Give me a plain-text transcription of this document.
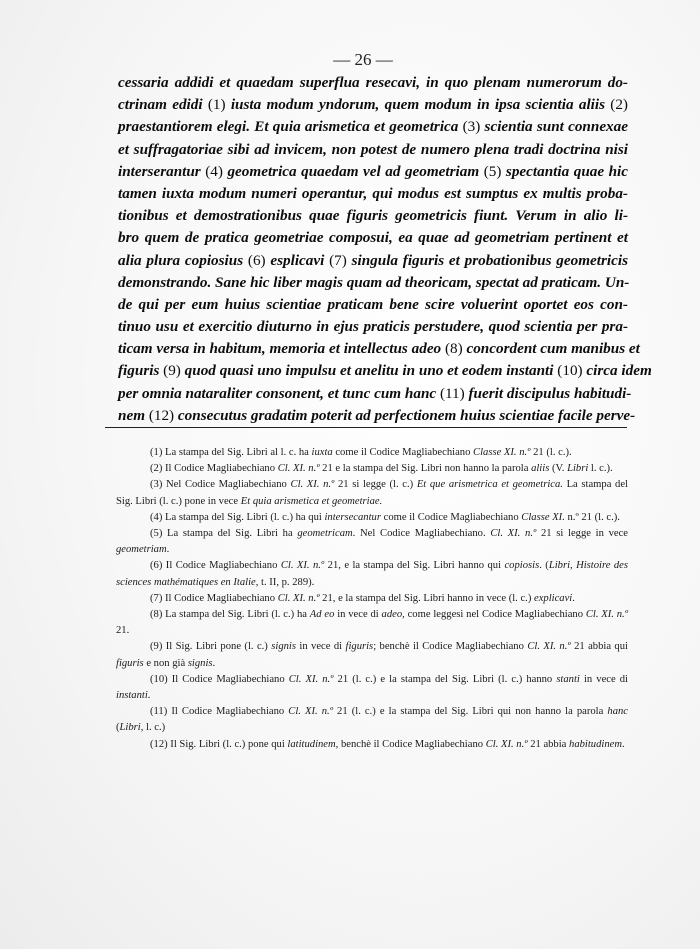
— 26 —
cessaria addidi et quaedam superflua resecavi, in quo plenam numerorum do-
ctrinam edidi (1) iusta modum yndorum, quem modum in ipsa scientia aliis (2)
praestantiorem elegi. Et quia arismetica et geometrica (3) scientia sunt connexae
et suffragatoriae sibi ad invicem, non potest de numero plena tradi doctrina nisi
interserantur (4) geometrica quaedam vel ad geometriam (5) spectantia quae hic
tamen iuxta modum numeri operantur, qui modus est sumptus ex multis proba-
tionibus et demostrationibus quae figuris geometricis fiunt. Verum in alio li-
bro quem de pratica geometriae composui, ea quae ad geometriam pertinent et
alia plura copiosius (6) esplicavi (7) singula figuris et probationibus geometricis
demonstrando. Sane hic liber magis quam ad theoricam, spectat ad praticam. Un-
de qui per eum huius scientiae praticam bene scire voluerint oportet eos con-
tinuo usu et exercitio diuturno in ejus praticis perstudere, quod scientia per pra-
ticam versa in habitum, memoria et intellectus adeo (8) concordent cum manibus et
figuris (9) quod quasi uno impulsu et anelitu in uno et eodem instanti (10) circa idem
per omnia nataraliter consonent, et tunc cum hanc (11) fuerit discipulus habitudi-
nem (12) consecutus gradatim poterit ad perfectionem huius scientiae facile perve-

(1) La stampa del Sig. Libri al l. c. ha iuxta come il Codice Magliabechiano Classe XI. n.º 21 (l. c.).

(2) Il Codice Magliabechiano Cl. XI. n.º 21 e la stampa del Sig. Libri non hanno la parola aliis (V. Libri l. c.).

(3) Nel Codice Magliabechiano Cl. XI. n.º 21 si legge (l. c.) Et que arismetrica et geometrica. La stampa del Sig. Libri (l. c.) pone in vece Et quia arismetica et geometriae.

(4) La stampa del Sig. Libri (l. c.) ha qui intersecantur come il Codice Magliabechiano Classe XI. n.º 21 (l. c.).

(5) La stampa del Sig. Libri ha geometricam. Nel Codice Magliabechiano. Cl. XI. n.º 21 si legge in vece geometriam.

(6) Il Codice Magliabechiano Cl. XI. n.º 21, e la stampa del Sig. Libri hanno qui copiosis. (Libri, Histoire des sciences mathématiques en Italie, t. II, p. 289).

(7) Il Codice Magliabechiano Cl. XI. n.º 21, e la stampa del Sig. Libri hanno in vece (l. c.) explicavi.

(8) La stampa del Sig. Libri (l. c.) ha Ad eo in vece di adeo, come leggesi nel Codice Magliabechiano Cl. XI. n.º 21.

(9) Il Sig. Libri pone (l. c.) signis in vece di figuris; benchè il Codice Magliabechiano Cl. XI. n.º 21 abbia qui figuris e non già signis.

(10) Il Codice Magliabechiano Cl. XI. n.º 21 (l. c.) e la stampa del Sig. Libri (l. c.) hanno stanti in vece di instanti.

(11) Il Codice Magliabechiano Cl. XI. n.º 21 (l. c.) e la stampa del Sig. Libri qui non hanno la parola hanc (Libri, l. c.)

(12) Il Sig. Libri (l. c.) pone qui latitudinem, benchè il Codice Magliabechiano Cl. XI. n.º 21 abbia habitudinem.
